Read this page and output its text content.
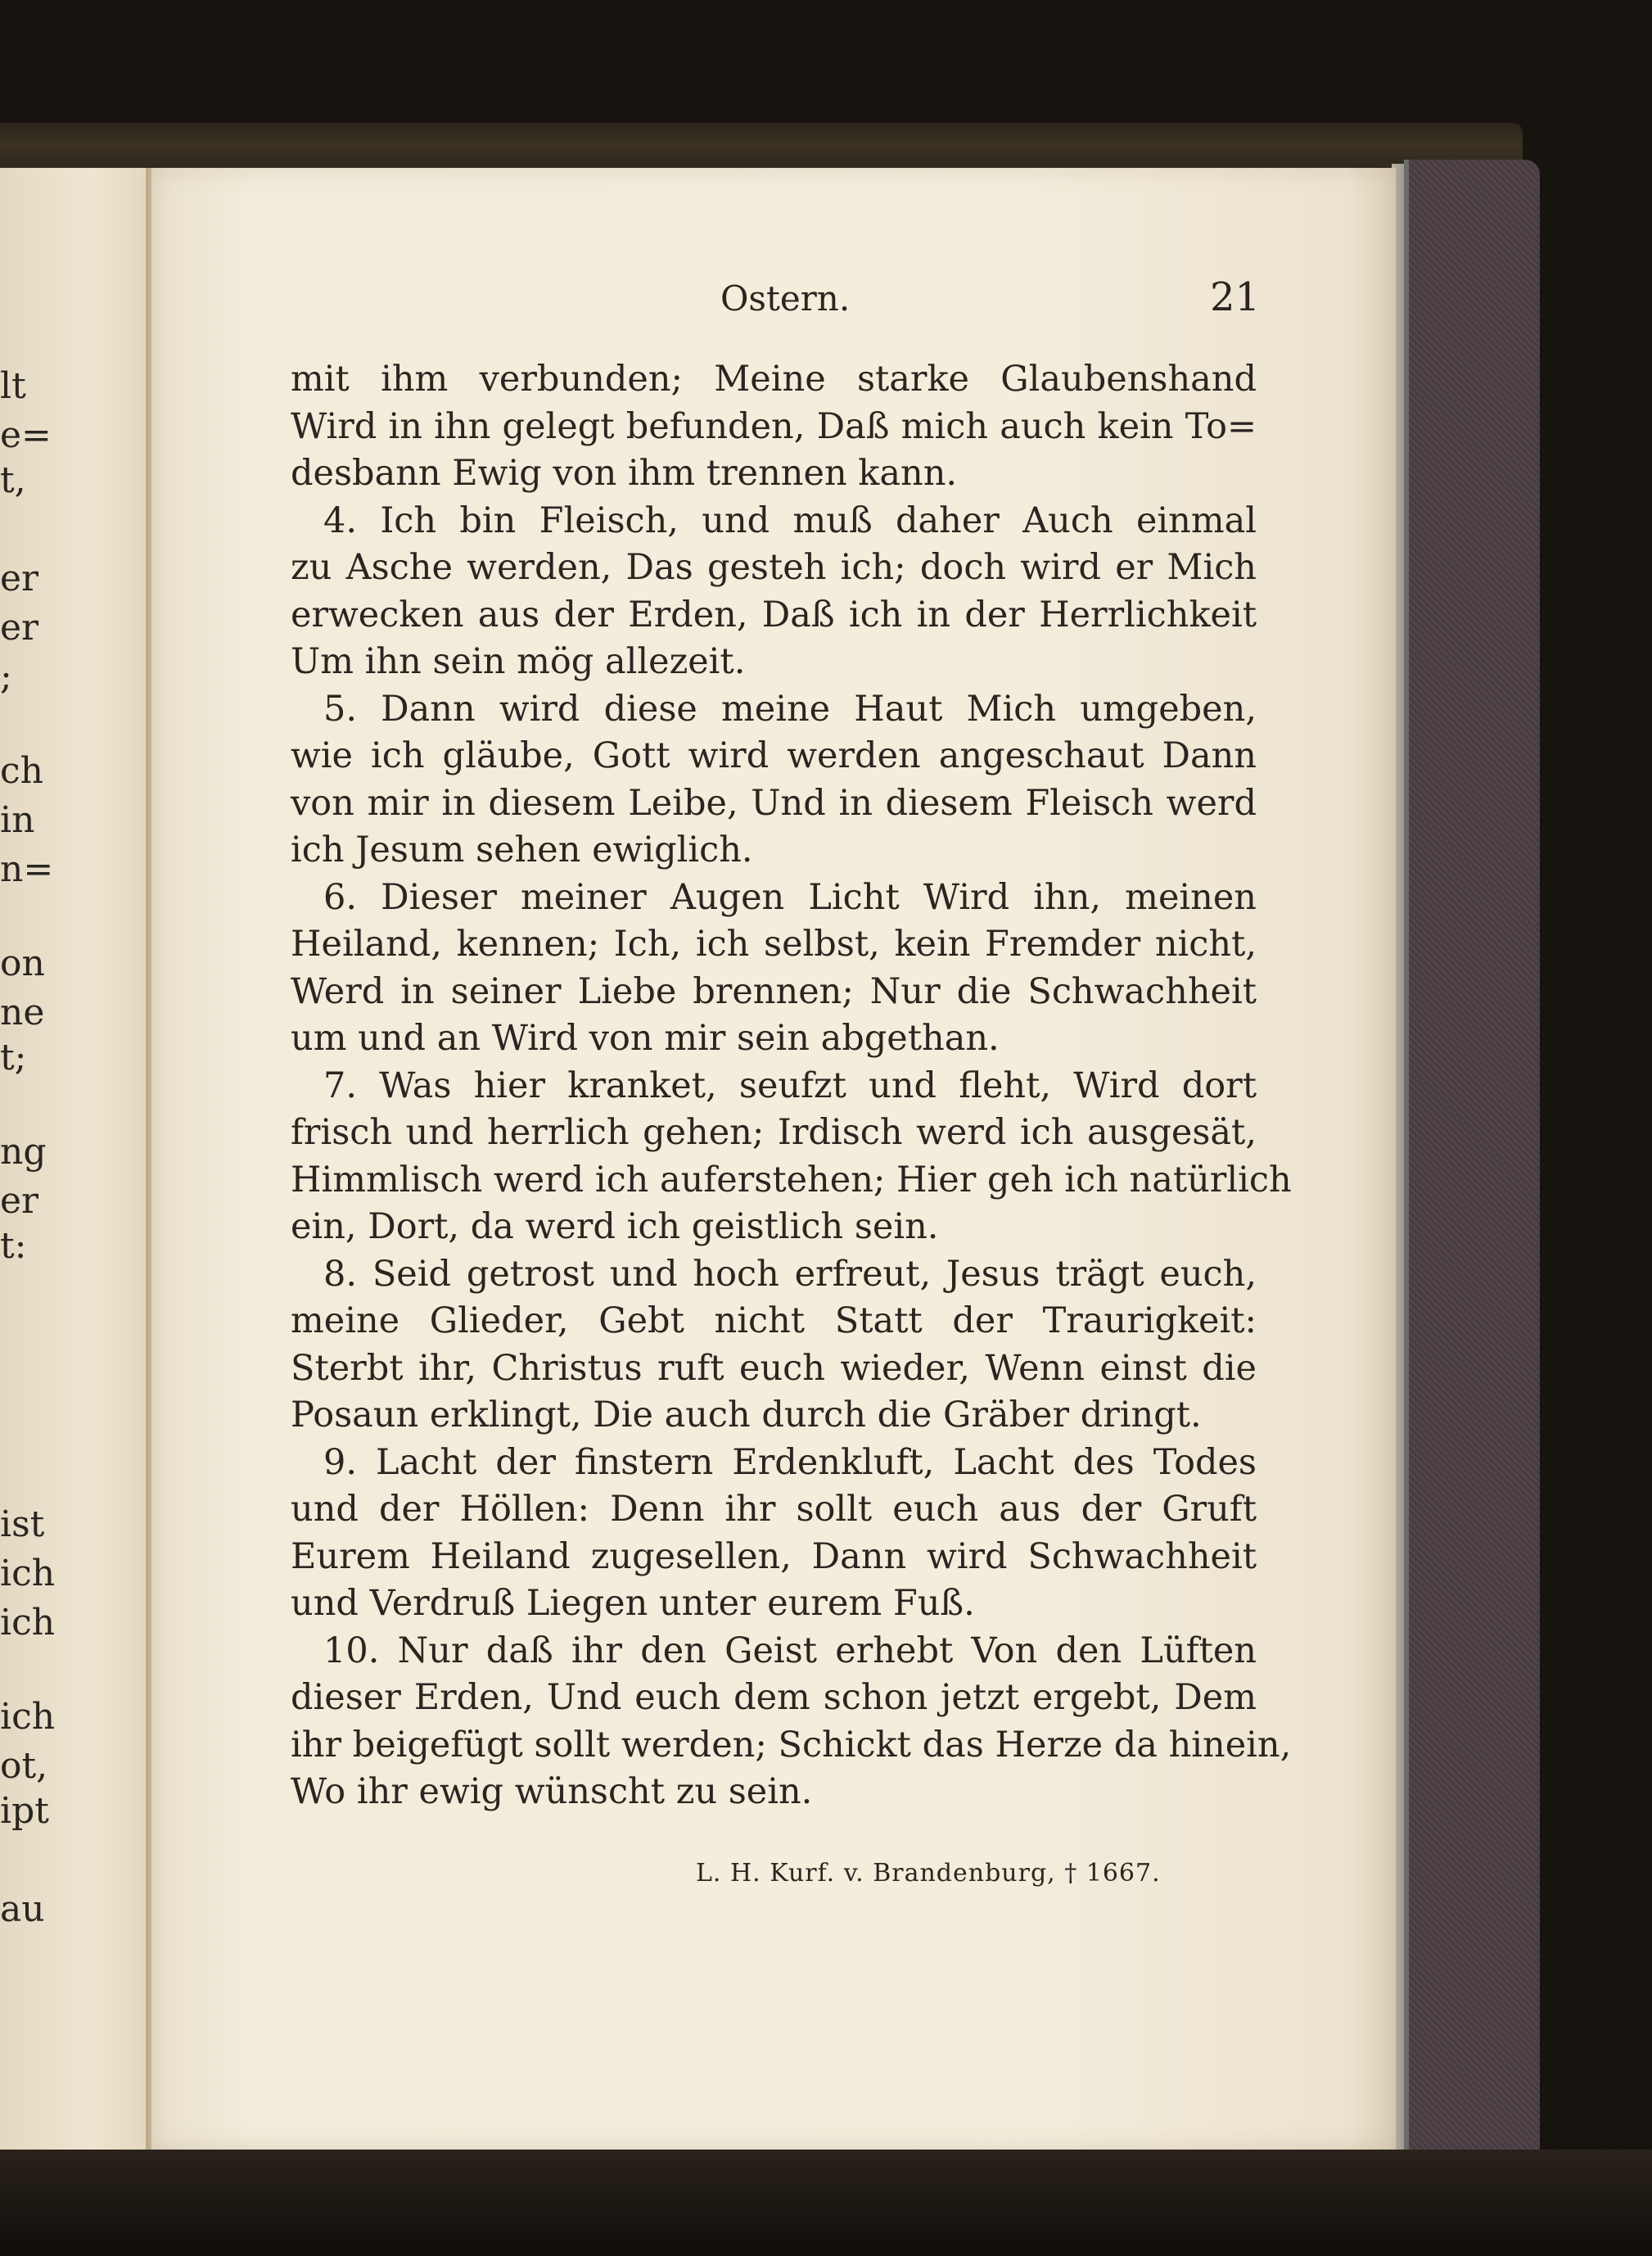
lt
e=
t,
er
er
;
ch
in
n=
on
ne
t;
ng
er
t:
ist
ich
ich
ich
ot,
ipt
au
Ostern.	21
mit ihm verbunden; Meine starke Glaubenshand
Wird in ihn gelegt befunden, Daß mich auch kein To=
desbann Ewig von ihm trennen kann.
4. Ich bin Fleisch, und muß daher Auch einmal
zu Asche werden, Das gesteh ich; doch wird er Mich
erwecken aus der Erden, Daß ich in der Herrlichkeit
Um ihn sein mög allezeit.
5. Dann wird diese meine Haut Mich umgeben,
wie ich gläube, Gott wird werden angeschaut Dann
von mir in diesem Leibe, Und in diesem Fleisch werd
ich Jesum sehen ewiglich.
6. Dieser meiner Augen Licht Wird ihn, meinen
Heiland, kennen; Ich, ich selbst, kein Fremder nicht,
Werd in seiner Liebe brennen; Nur die Schwachheit
um und an Wird von mir sein abgethan.
7. Was hier kranket, seufzt und fleht, Wird dort
frisch und herrlich gehen; Irdisch werd ich ausgesät,
Himmlisch werd ich auferstehen; Hier geh ich natürlich
ein, Dort, da werd ich geistlich sein.
8. Seid getrost und hoch erfreut, Jesus trägt euch,
meine Glieder, Gebt nicht Statt der Traurigkeit:
Sterbt ihr, Christus ruft euch wieder, Wenn einst die
Posaun erklingt, Die auch durch die Gräber dringt.
9. Lacht der finstern Erdenkluft, Lacht des Todes
und der Höllen: Denn ihr sollt euch aus der Gruft
Eurem Heiland zugesellen, Dann wird Schwachheit
und Verdruß Liegen unter eurem Fuß.
10. Nur daß ihr den Geist erhebt Von den Lüften
dieser Erden, Und euch dem schon jetzt ergebt, Dem
ihr beigefügt sollt werden; Schickt das Herze da hinein,
Wo ihr ewig wünscht zu sein.
L. H. Kurf. v. Brandenburg, † 1667.
